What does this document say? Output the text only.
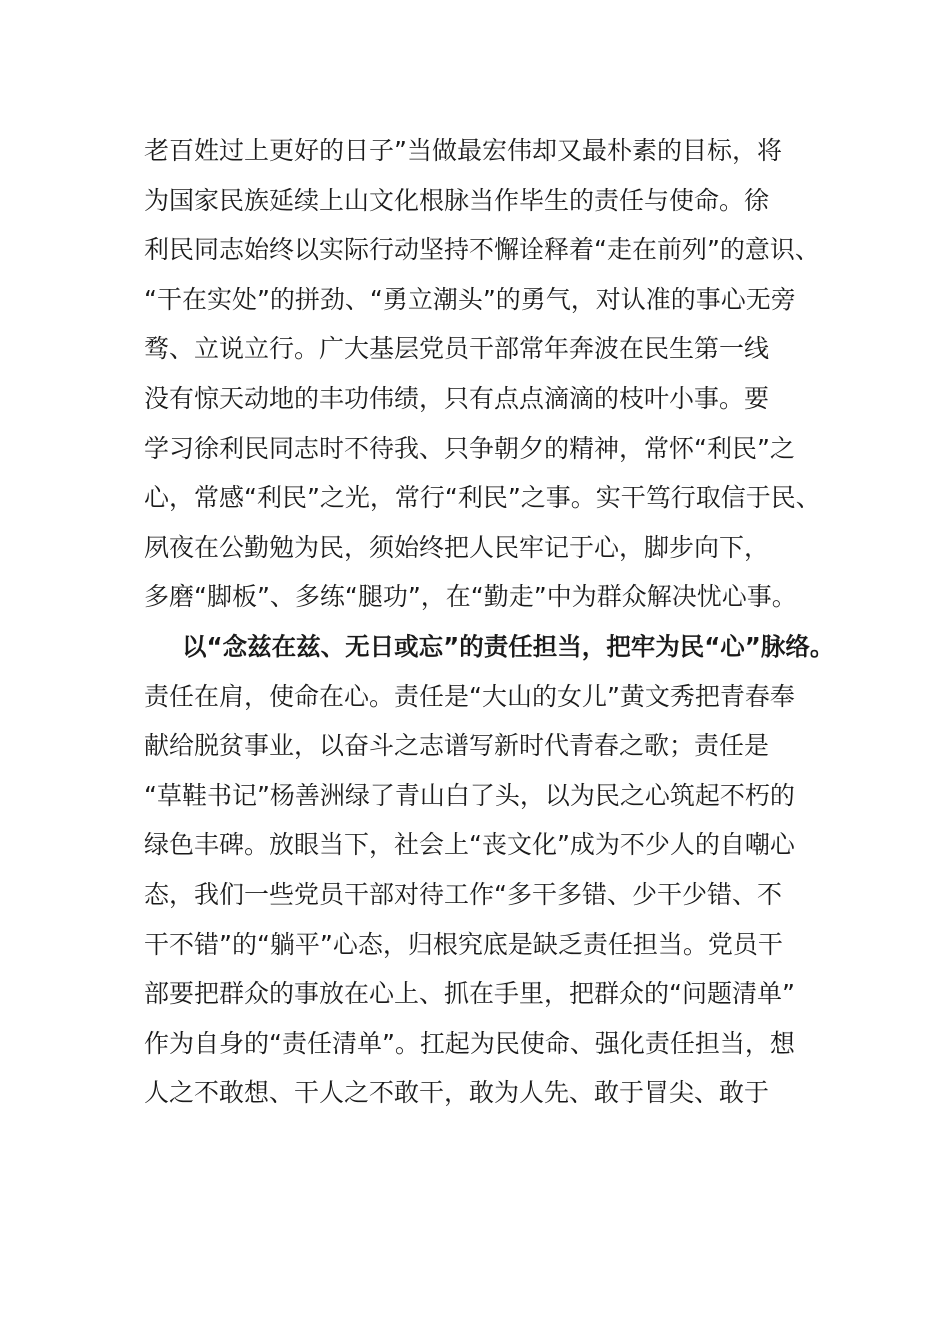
老百姓过上更好的日子”当做最宏伟却又最朴素的目标，将
为国家民族延续上山文化根脉当作毕生的责任与使命。徐
利民同志始终以实际行动坚持不懈诠释着“走在前列”的意识、
“干在实处”的拼劲、“勇立潮头”的勇气，对认准的事心无旁
骛、立说立行。广大基层党员干部常年奔波在民生第一线
没有惊天动地的丰功伟绩，只有点点滴滴的枝叶小事。要
学习徐利民同志时不待我、只争朝夕的精神，常怀“利民”之
心，常感“利民”之光，常行“利民”之事。实干笃行取信于民、
夙夜在公勤勉为民，须始终把人民牢记于心，脚步向下，
多磨“脚板”、多练“腿功”，在“勤走”中为群众解决忧心事。
以“念兹在兹、无日或忘”的责任担当，把牢为民“心”脉络。
责任在肩，使命在心。责任是“大山的女儿”黄文秀把青春奉
献给脱贫事业，以奋斗之志谱写新时代青春之歌；责任是
“草鞋书记”杨善洲绿了青山白了头，以为民之心筑起不朽的
绿色丰碑。放眼当下，社会上“丧文化”成为不少人的自嘲心
态，我们一些党员干部对待工作“多干多错、少干少错、不
干不错”的“躺平”心态，归根究底是缺乏责任担当。党员干
部要把群众的事放在心上、抓在手里，把群众的“问题清单”
作为自身的“责任清单”。扛起为民使命、强化责任担当，想
人之不敢想、干人之不敢干，敢为人先、敢于冒尖、敢于
